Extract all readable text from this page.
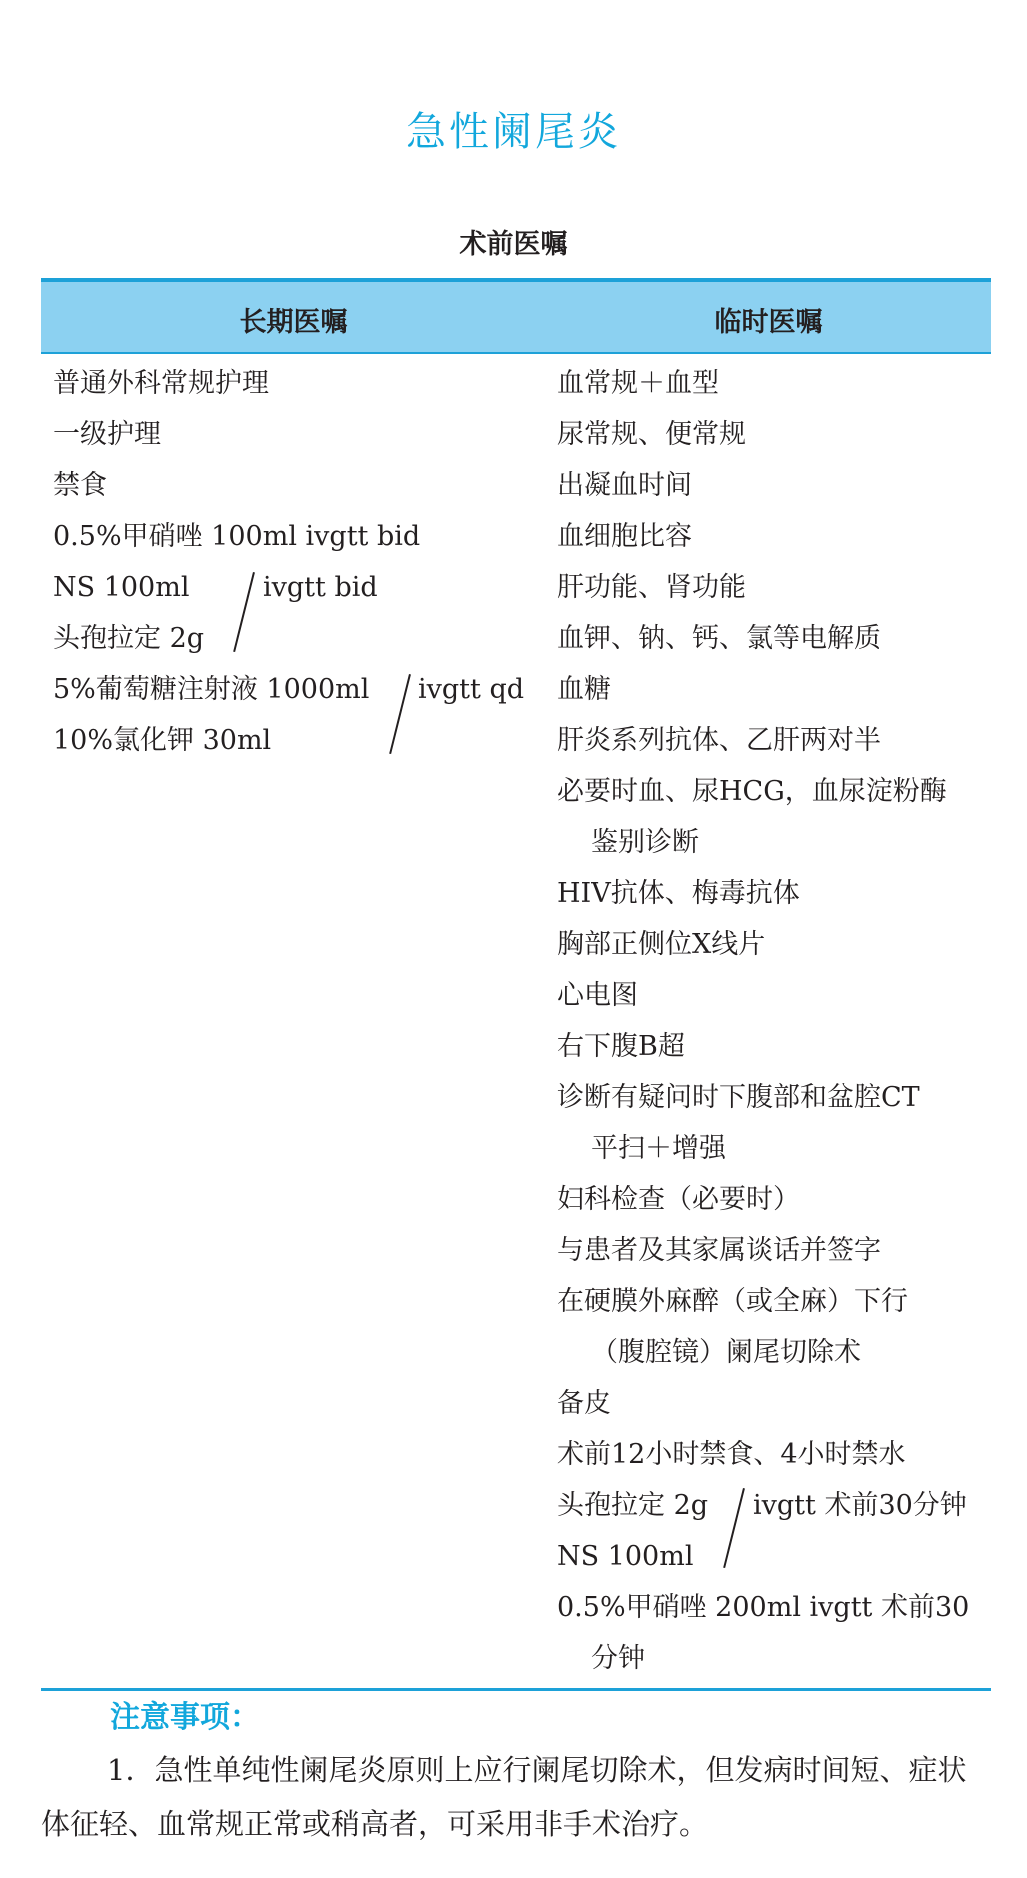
急性阑尾炎
术前医嘱
长期医嘱	临时医嘱
普通外科常规护理
一级护理
禁食
0.5%甲硝唑 100ml ivgtt bid
NS 100ml	ivgtt bid
头孢拉定 2g
5%葡萄糖注射液 1000ml ivgtt qd
10%氯化钾 30ml
血常规＋血型
尿常规、便常规
出凝血时间
血细胞比容
肝功能、肾功能
血钾、钠、钙、氯等电解质
血糖
肝炎系列抗体、乙肝两对半
必要时血、尿HCG，血尿淀粉酶
鉴别诊断
HIV抗体、梅毒抗体
胸部正侧位X线片
心电图
右下腹B超
诊断有疑问时下腹部和盆腔CT
平扫＋增强
妇科检查（必要时）
与患者及其家属谈话并签字
在硬膜外麻醉（或全麻）下行
（腹腔镜）阑尾切除术
备皮
术前12小时禁食、4小时禁水
头孢拉定 2g ivgtt 术前30分钟
NS 100ml
0.5%甲硝唑 200ml ivgtt 术前30
分钟
注意事项：
1．急性单纯性阑尾炎原则上应行阑尾切除术，但发病时间短、症状体征轻、血常规正常或稍高者，可采用非手术治疗。
